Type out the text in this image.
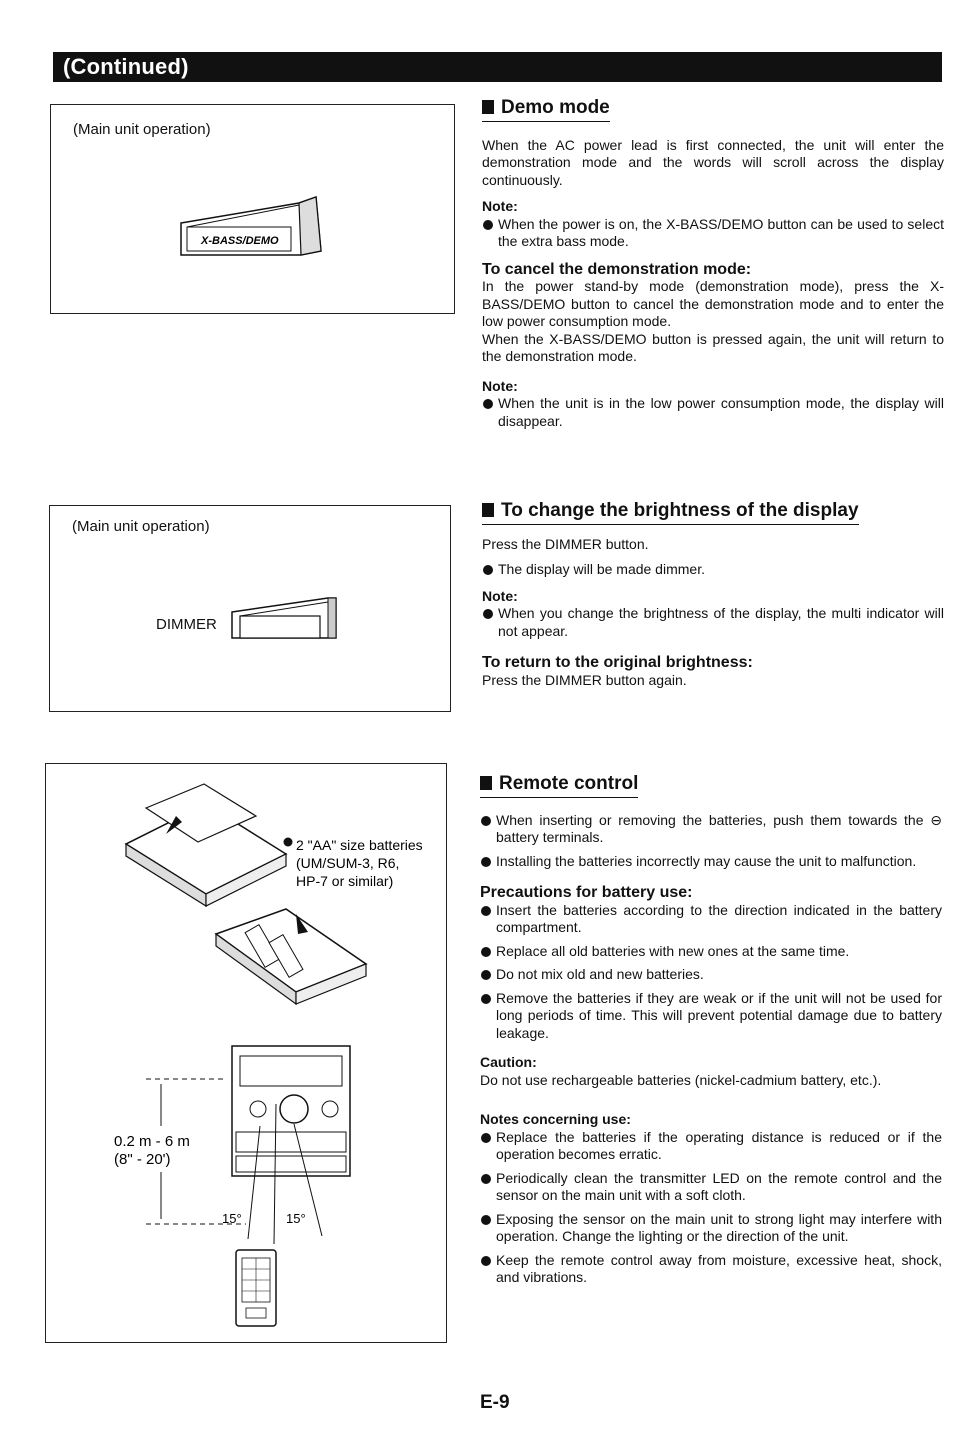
(Continued)
(Main unit operation)
X-BASS/DEMO
(Main unit operation)
DIMMER
2 "AA" size batteries
(UM/SUM-3, R6,
HP-7 or similar)
0.2 m - 6 m
(8" - 20')
15°	15°
Demo mode

When the AC power lead is first connected, the unit will enter the demonstration mode and the words will scroll across the display continuously.

Note:
When the power is on, the X-BASS/DEMO button can be used to select the extra bass mode.
To cancel the demonstration mode:

In the power stand-by mode (demonstration mode), press the X-BASS/DEMO button to cancel the demonstration mode and to enter the low power consumption mode.

When the X-BASS/DEMO button is pressed again, the unit will return to the demonstration mode.

Note:
When the unit is in the low power consumption mode, the display will disappear.
To change the brightness of the display

Press the DIMMER button.

The display will be made dimmer.
Note:
When you change the brightness of the display, the multi indicator will not appear.
To return to the original brightness:

Press the DIMMER button again.

Remote control
When inserting or removing the batteries, push them towards the ⊖ battery terminals.
Installing the batteries incorrectly may cause the unit to malfunction.
Precautions for battery use:
Insert the batteries according to the direction indicated in the battery compartment.
Replace all old batteries with new ones at the same time.
Do not mix old and new batteries.
Remove the batteries if they are weak or if the unit will not be used for long periods of time. This will prevent potential damage due to battery leakage.
Caution:

Do not use rechargeable batteries (nickel-cadmium battery, etc.).

Notes concerning use:
Replace the batteries if the operating distance is reduced or if the operation becomes erratic.
Periodically clean the transmitter LED on the remote control and the sensor on the main unit with a soft cloth.
Exposing the sensor on the main unit to strong light may interfere with operation. Change the lighting or the direction of the unit.
Keep the remote control away from moisture, excessive heat, shock, and vibrations.
E-9
